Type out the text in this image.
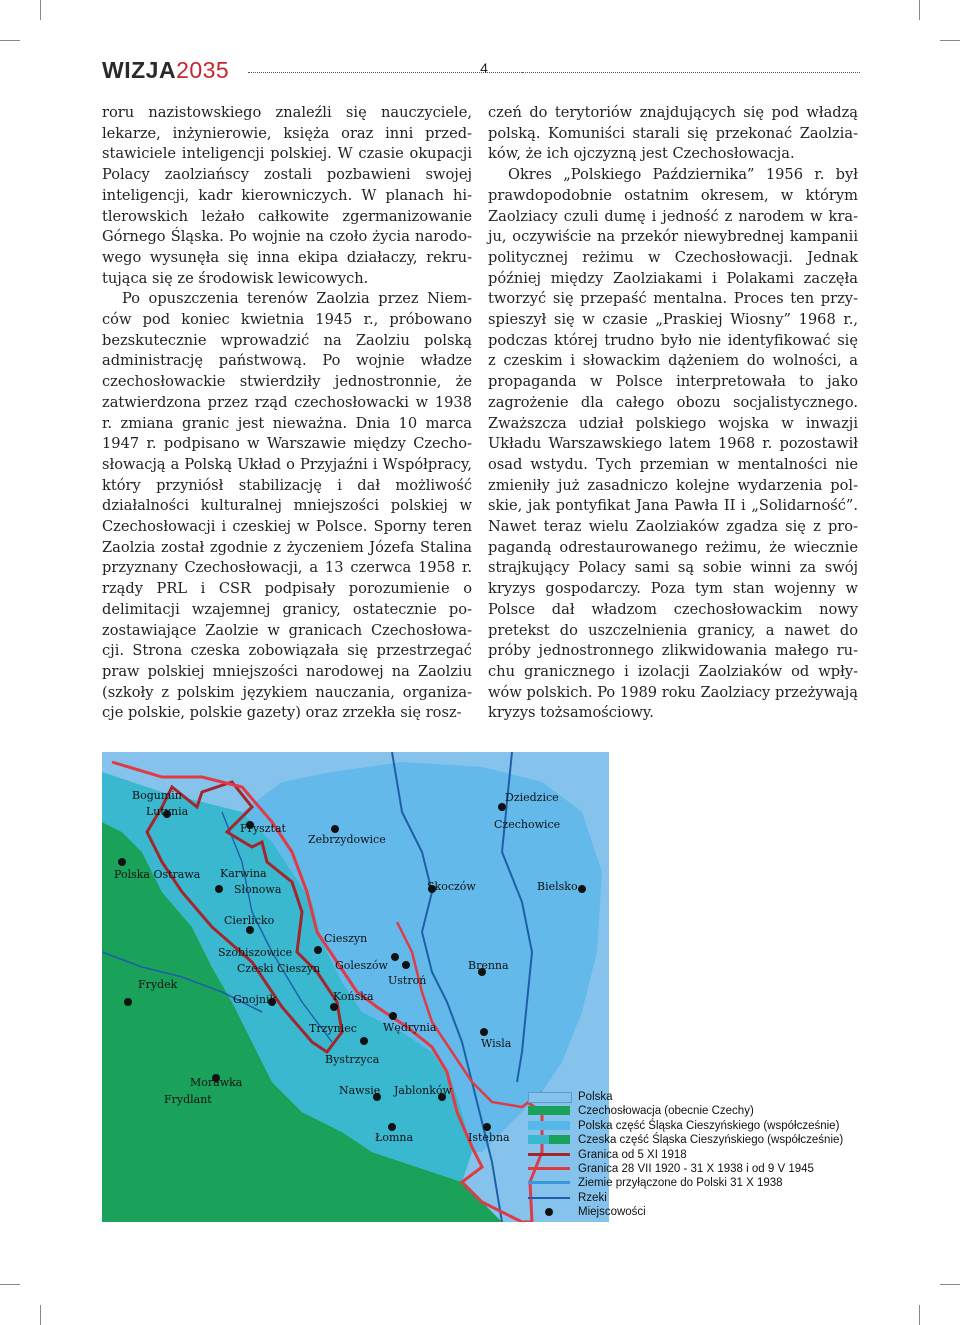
WIZJA2035	4

roru nazistowskiego znaleźli się nauczyciele, lekarze, inżynierowie, księża oraz inni przedstawiciele inteligencji polskiej. W czasie okupacji Polacy zaolziańscy zostali pozbawieni swojej inteligencji, kadr kierowniczych. W planach hitlerowskich leżało całkowite zgermanizowanie Górnego Śląska. Po wojnie na czoło życia narodowego wysunęła się inna ekipa działaczy, rekrutująca się ze środowisk lewicowych.

Po opuszczenia terenów Zaolzia przez Niemców pod koniec kwietnia 1945 r., próbowano bezskutecznie wprowadzić na Zaolziu polską administrację państwową. Po wojnie władze czechosłowackie stwierdziły jednostronnie, że zatwierdzona przez rząd czechosłowacki w 1938 r. zmiana granic jest nieważna. Dnia 10 marca 1947 r. podpisano w Warszawie między Czechosłowacją a Polską Układ o Przyjaźni i Współpracy, który przyniósł stabilizację i dał możliwość działalności kulturalnej mniejszości polskiej w Czechosłowacji i czeskiej w Polsce. Sporny teren Zaolzia został zgodnie z życzeniem Józefa Stalina przyznany Czechosłowacji, a 13 czerwca 1958 r. rządy PRL i CSR podpisały porozumienie o delimitacji wzajemnej granicy, ostatecznie pozostawiające Zaolzie w granicach Czechosłowacji. Strona czeska zobowiązała się przestrzegać praw polskiej mniejszości narodowej na Zaolziu (szkoły z polskim językiem nauczania, organizacje polskie, polskie gazety) oraz zrzekła się rosz-

czeń do terytoriów znajdujących się pod władzą polską. Komuniści starali się przekonać Zaolziaków, że ich ojczyzną jest Czechosłowacja.

Okres „Polskiego Października” 1956 r. był prawdopodobnie ostatnim okresem, w którym Zaolziacy czuli dumę i jedność z narodem w kraju, oczywiście na przekór niewybrednej kampanii politycznej reżimu w Czechosłowacji. Jednak później między Zaolziakami i Polakami zaczęła tworzyć się przepaść mentalna. Proces ten przyspieszył się w czasie „Praskiej Wiosny” 1968 r., podczas której trudno było nie identyfikować się z czeskim i słowackim dążeniem do wolności, a propaganda w Polsce interpretowała to jako zagrożenie dla całego obozu socjalistycznego. Zważszcza udział polskiego wojska w inwazji Układu Warszawskiego latem 1968 r. pozostawił osad wstydu. Tych przemian w mentalności nie zmieniły już zasadniczo kolejne wydarzenia polskie, jak pontyfikat Jana Pawła II i „Solidarność”. Nawet teraz wielu Zaolziaków zgadza się z propagandą odrestaurowanego reżimu, że wiecznie strajkujący Polacy sami są sobie winni za swój kryzys gospodarczy. Poza tym stan wojenny w Polsce dał władzom czechosłowackim nowy pretekst do uszczelnienia granicy, a nawet do próby jednostronnego zlikwidowania małego ruchu granicznego i izolacji Zaolziaków od wpływów polskich. Po 1989 roku Zaolziacy przeżywają kryzys tożsamościowy.

Bogumin
Lutynia
Frysztat
Zebrzydowice
Dziedzice
Czechowice
Polska Ostrawa Karwina
Słonowa	Skoczów	Bielsko
Cierlicko
Cieszyn
Szobiszowice
Czeski Cieszyn Goleszów
Ustroń
Brenna
Frydek
Gnojnik	Końska
Trzyniec Wędrynia
Wisla
Bystrzyca
Morawka
Frydlant
Nawsie Jablonków
Łomna	Istebna
Polska
Czechosłowacja (obecnie Czechy)
Polska część Śląska Cieszyńskiego (współcześnie)
Czeska część Śląska Cieszyńskiego (współcześnie)
Granica od 5 XI 1918
Granica 28 VII 1920 - 31 X 1938 i od 9 V 1945
Ziemie przyłączone do Polski 31 X 1938
Rzeki
Miejscowości
